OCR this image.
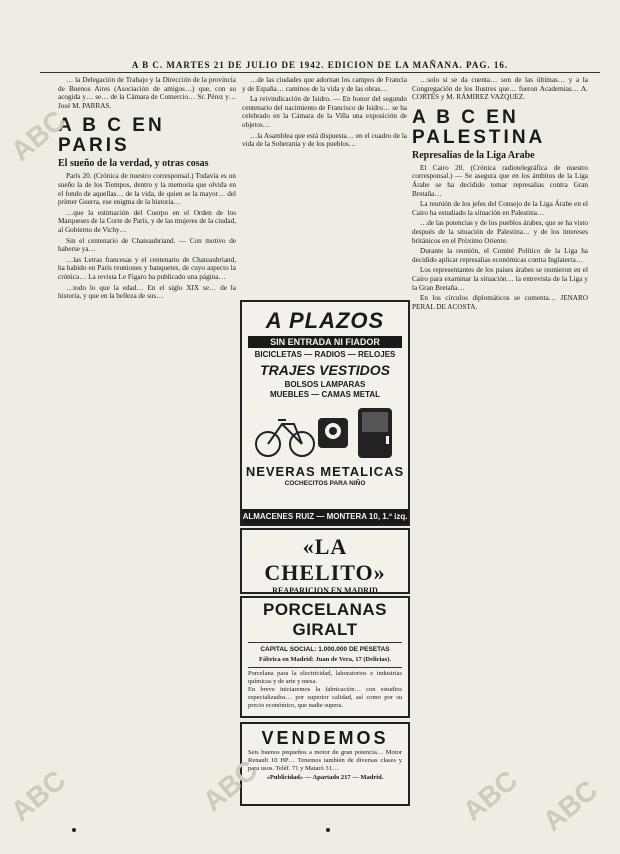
A B C. MARTES 21 DE JULIO DE 1942. EDICION DE LA MAÑANA. PAG. 16.

… la Delegación de Trabajo y la Dirección de la provincia de Buenos Aires (Asociación de amigos…) que, con su acogida y… se… de la Cámara de Comercio… Sr. Pérez y… José M. PARRAS.

A B C EN PARIS
El sueño de la verdad, y otras cosas

Paris 20. (Crónica de nuestro corresponsal.) Todavía es un sueño la de los Tiempos, dentro y la memoria que olvida en el fondo de aquellas… de la vida, de quien se la mayor… del primer Guerra, ese enigma de la historia…

…que la estimación del Cuerpo en el Orden de los Marqueses de la Corte de París, y de las mujeres de la ciudad, al Gobierno de Vichy…

Sin el centenario de Chateaubriand. — Con motivo de haberse ya…

…las Letras francesas y el centenario de Chateaubriand, ha habido en París reuniones y banquetes, de cuyo aspecto la crónica… La revista Le Figaro ha publicado una página…

…todo lo que la edad… En el siglo XIX se… de la historia, y que en la belleza de sus…

…de las ciudades que adornan los campos de Francia y de España… caminos de la vida y de las obras…

La reivindicación de Isidro. — En honor del segundo centenario del nacimiento de Francisco de Isidro… se ha celebrado en la Cámara de la Villa una exposición de objetos…

…la Asamblea que está dispuesta… en el cuadro de la vida de la Soberanía y de los pueblos…

…solo si se da cuenta… son de las últimas… y a la Congregación de los Ilustres que… fueron Academias… A. CORTÉS y M. RÁMIREZ VAZQUEZ.

A B C EN PALESTINA
Represalias de la Liga Arabe

El Cairo 20. (Crónica radiotelegráfica de nuestro corresponsal.) — Se asegura que en los ámbitos de la Liga Árabe se ha decidido tomar represalias contra Gran Bretaña…

La reunión de los jefes del Consejo de la Liga Árabe en el Cairo ha estudiado la situación en Palestina…

…de las potencias y de los pueblos árabes, que se ha visto después de la situación de Palestina… y de los intereses británicos en el Próximo Oriente.

Durante la reunión, el Comité Político de la Liga ha decidido aplicar represalias económicas contra Inglaterra…

Los representantes de los países árabes se reunieron en el Cairo para examinar la situación… la entrevista de la Liga y la Gran Bretaña…

En los círculos diplomáticos se comenta… JENARO PERAL DE ACOSTA.

A PLAZOS
SIN ENTRADA NI FIADOR
BICICLETAS — RADIOS — RELOJES
TRAJES VESTIDOS
BOLSOS LAMPARAS
MUEBLES — CAMAS METAL
NEVERAS METALICAS
COCHECITOS PARA NIÑO
ALMACENES RUIZ — MONTERA 10, 1.º izq.
«LA CHELITO»
REAPARICION EN MADRID
PORCELANAS GIRALT
CAPITAL SOCIAL: 1.000.000 DE PESETAS
Fábrica en Madrid: Juan de Vera, 17 (Delicias).
Porcelana para la electricidad, laboratorios e industrias químicas y de arte y mesa.
En breve iniciaremos la fabricación… con estudios especializados… por superior calidad, así como por su precio económico, que nadie supera.
VENDEMOS
Seis buenos pequeños a motor de gran potencia… Motor Renault 10 HP… Tenemos también de diversas clases y para usos. Teléf. 71 y Mataró 31…
«Publicidad» — Apartado 217 — Madrid.
ABC
ABC	ABC	ABC ABC
